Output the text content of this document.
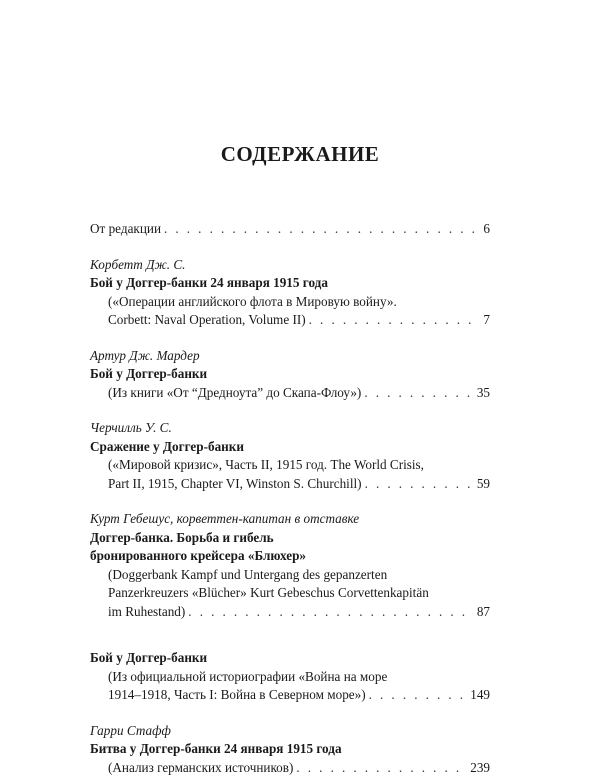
СОДЕРЖАНИЕ
От редакции . . .	6
Корбетт Дж. С.
Бой у Доггер-банки 24 января 1915 года
(«Операции английского флота в Мировую войну».
Corbett: Naval Operation, Volume II) . . .	7
Артур Дж. Мардер
Бой у Доггер-банки
(Из книги «От “Дредноута” до Скапа-Флоу») . . .	35
Черчилль У. С.
Сражение у Доггер-банки
(«Мировой кризис», Часть II, 1915 год. The World Crisis,
Part II, 1915, Chapter VI, Winston S. Churchill) . . .	59
Курт Гебешус, корветтен-капитан в отставке
Доггер-банка. Борьба и гибель
бронированного крейсера «Блюхер»
(Doggerbank Kampf und Untergang des gepanzerten
Panzerkreuzers «Blücher» Kurt Gebeschus Corvettenkapitän
im Ruhestand) . . .	87
Бой у Доггер-банки
(Из официальной историографии «Война на море
1914–1918, Часть I: Война в Северном море») . . .	149
Гарри Стафф
Битва у Доггер-банки 24 января 1915 года
(Анализ германских источников) . . .	239
